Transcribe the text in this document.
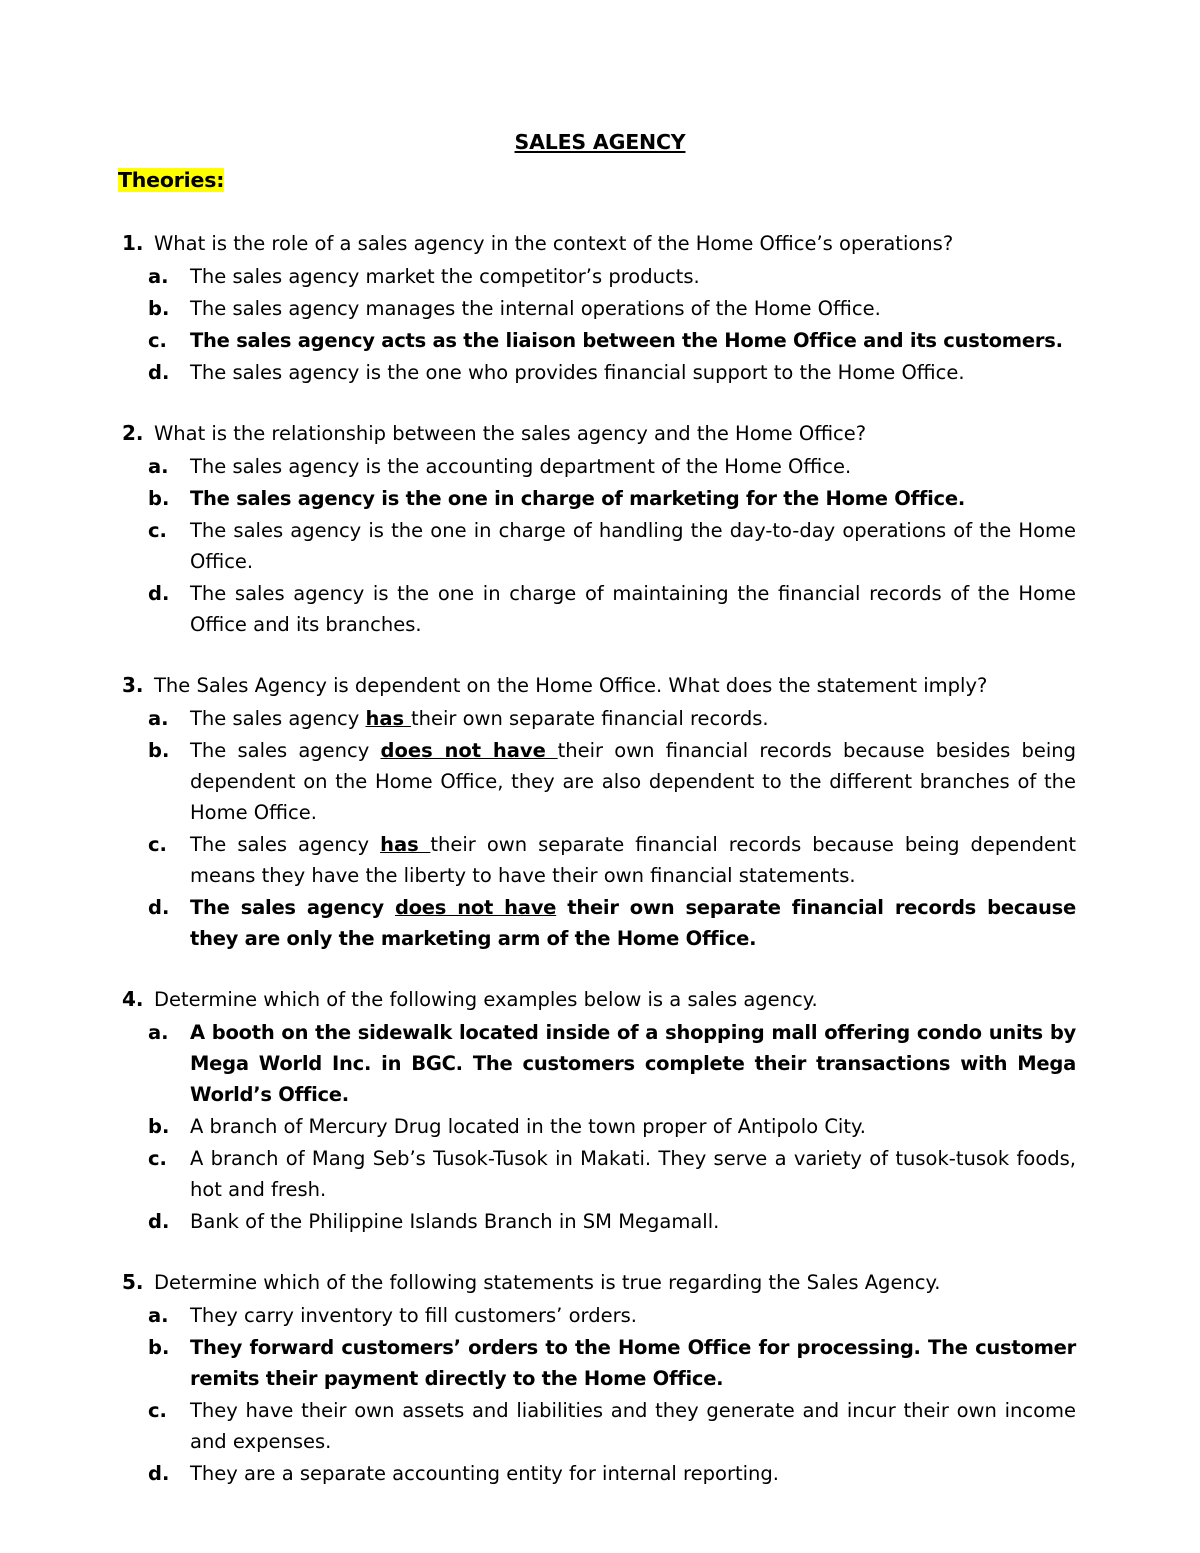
SALES AGENCY
Theories:
1. What is the role of a sales agency in the context of the Home Office’s operations?
a.	The sales agency market the competitor’s products.
b.	The sales agency manages the internal operations of the Home Office.
c.	The sales agency acts as the liaison between the Home Office and its customers.
d.	The sales agency is the one who provides financial support to the Home Office.
2. What is the relationship between the sales agency and the Home Office?
a.	The sales agency is the accounting department of the Home Office.
b.	The sales agency is the one in charge of marketing for the Home Office.
c.	The sales agency is the one in charge of handling the day-to-day operations of the Home Office.
d.	The sales agency is the one in charge of maintaining the financial records of the Home Office and its branches.
3. The Sales Agency is dependent on the Home Office. What does the statement imply?
a.	The sales agency has their own separate financial records.
b.	The sales agency does not have their own financial records because besides being dependent on the Home Office, they are also dependent to the different branches of the Home Office.
c.	The sales agency has their own separate financial records because being dependent means they have the liberty to have their own financial statements.
d.	The sales agency does not have their own separate financial records because they are only the marketing arm of the Home Office.
4. Determine which of the following examples below is a sales agency.
a.	A booth on the sidewalk located inside of a shopping mall offering condo units by Mega World Inc. in BGC. The customers complete their transactions with Mega World’s Office.
b.	A branch of Mercury Drug located in the town proper of Antipolo City.
c.	A branch of Mang Seb’s Tusok-Tusok in Makati. They serve a variety of tusok-tusok foods, hot and fresh.
d.	Bank of the Philippine Islands Branch in SM Megamall.
5. Determine which of the following statements is true regarding the Sales Agency.
a.	They carry inventory to fill customers’ orders.
b.	They forward customers’ orders to the Home Office for processing. The customer remits their payment directly to the Home Office.
c.	They have their own assets and liabilities and they generate and incur their own income and expenses.
d.	They are a separate accounting entity for internal reporting.
